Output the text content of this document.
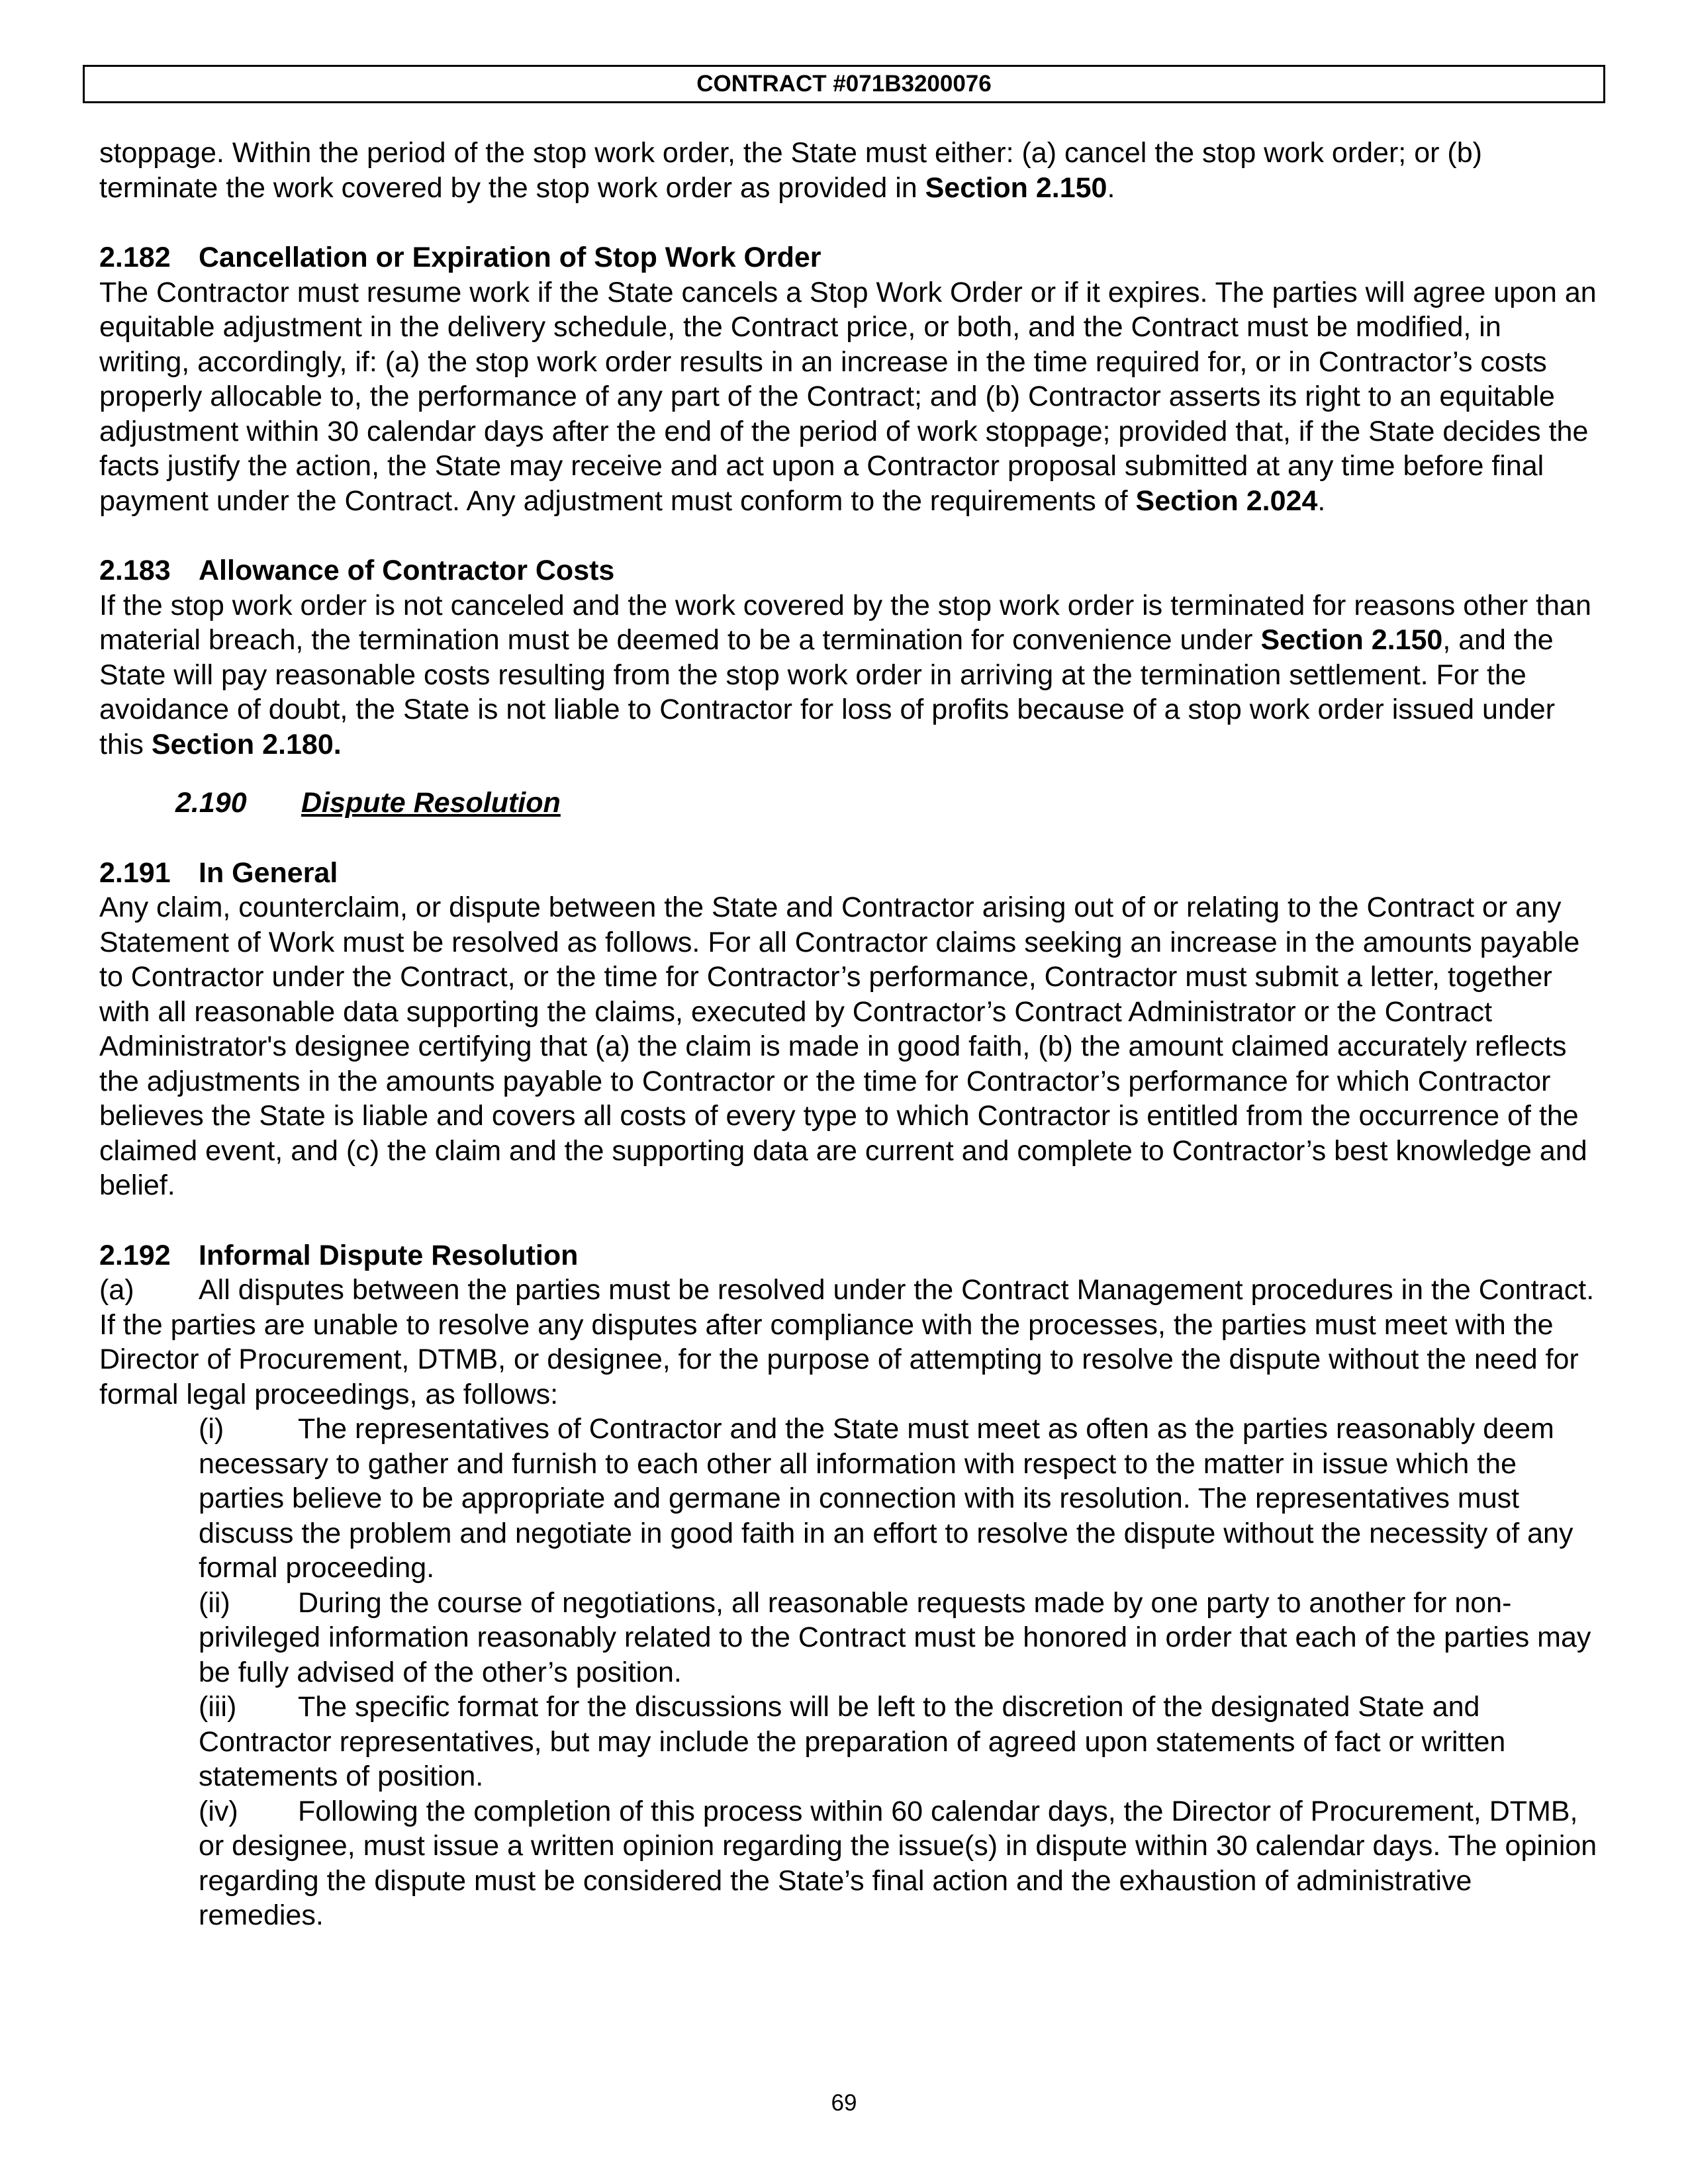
CONTRACT #071B3200076

stoppage. Within the period of the stop work order, the State must either: (a) cancel the stop work order; or (b) terminate the work covered by the stop work order as provided in Section 2.150.

2.182 Cancellation or Expiration of Stop Work Order

The Contractor must resume work if the State cancels a Stop Work Order or if it expires. The parties will agree upon an equitable adjustment in the delivery schedule, the Contract price, or both, and the Contract must be modified, in writing, accordingly, if: (a) the stop work order results in an increase in the time required for, or in Contractor’s costs properly allocable to, the performance of any part of the Contract; and (b) Contractor asserts its right to an equitable adjustment within 30 calendar days after the end of the period of work stoppage; provided that, if the State decides the facts justify the action, the State may receive and act upon a Contractor proposal submitted at any time before final payment under the Contract. Any adjustment must conform to the requirements of Section 2.024.

2.183 Allowance of Contractor Costs

If the stop work order is not canceled and the work covered by the stop work order is terminated for reasons other than material breach, the termination must be deemed to be a termination for convenience under Section 2.150, and the State will pay reasonable costs resulting from the stop work order in arriving at the termination settlement. For the avoidance of doubt, the State is not liable to Contractor for loss of profits because of a stop work order issued under this Section 2.180.

2.190 Dispute Resolution

2.191 In General

Any claim, counterclaim, or dispute between the State and Contractor arising out of or relating to the Contract or any Statement of Work must be resolved as follows. For all Contractor claims seeking an increase in the amounts payable to Contractor under the Contract, or the time for Contractor’s performance, Contractor must submit a letter, together with all reasonable data supporting the claims, executed by Contractor’s Contract Administrator or the Contract Administrator's designee certifying that (a) the claim is made in good faith, (b) the amount claimed accurately reflects the adjustments in the amounts payable to Contractor or the time for Contractor’s performance for which Contractor believes the State is liable and covers all costs of every type to which Contractor is entitled from the occurrence of the claimed event, and (c) the claim and the supporting data are current and complete to Contractor’s best knowledge and belief.

2.192 Informal Dispute Resolution

(a) All disputes between the parties must be resolved under the Contract Management procedures in the Contract. If the parties are unable to resolve any disputes after compliance with the processes, the parties must meet with the Director of Procurement, DTMB, or designee, for the purpose of attempting to resolve the dispute without the need for formal legal proceedings, as follows:

(i)	The representatives of Contractor and the State must meet as often as the parties reasonably deem necessary to gather and furnish to each other all information with respect to the matter in issue which the parties believe to be appropriate and germane in connection with its resolution. The representatives must discuss the problem and negotiate in good faith in an effort to resolve the dispute without the necessity of any formal proceeding.

(ii) During the course of negotiations, all reasonable requests made by one party to another for non-privileged information reasonably related to the Contract must be honored in order that each of the parties may be fully advised of the other’s position.

(iii) The specific format for the discussions will be left to the discretion of the designated State and Contractor representatives, but may include the preparation of agreed upon statements of fact or written statements of position.

(iv) Following the completion of this process within 60 calendar days, the Director of Procurement, DTMB, or designee, must issue a written opinion regarding the issue(s) in dispute within 30 calendar days. The opinion regarding the dispute must be considered the State’s final action and the exhaustion of administrative remedies.

69
